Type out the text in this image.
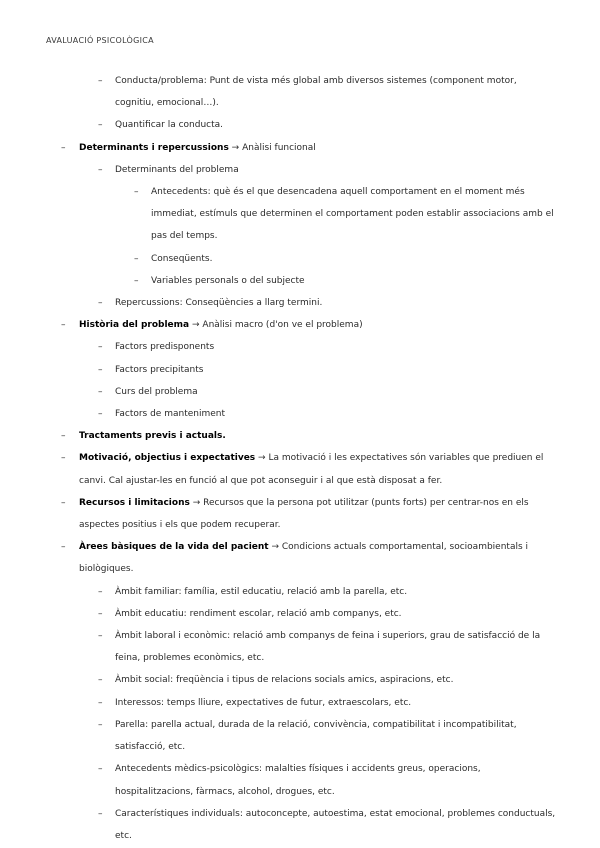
AVALUACIÓ PSICOLÒGICA
– Conducta/problema: Punt de vista més global amb diversos sistemes (component motor, cognitiu, emocional…).
– Quantificar la conducta.
– Determinants i repercussions → Anàlisi funcional
– Determinants del problema
– Antecedents: què és el que desencadena aquell comportament en el moment més immediat, estímuls que determinen el comportament poden establir associacions amb el pas del temps.
– Conseqüents.
– Variables personals o del subjecte
– Repercussions: Conseqüències a llarg termini.
– Història del problema → Anàlisi macro (d'on ve el problema)
– Factors predisponents
– Factors precipitants
– Curs del problema
– Factors de manteniment
– Tractaments previs i actuals.
– Motivació, objectius i expectatives → La motivació i les expectatives són variables que prediuen el canvi. Cal ajustar-les en funció al que pot aconseguir i al que està disposat a fer.
– Recursos i limitacions → Recursos que la persona pot utilitzar (punts forts) per centrar-nos en els aspectes positius i els que podem recuperar.
– Àrees bàsiques de la vida del pacient → Condicions actuals comportamental, socioambientals i biològiques.
– Àmbit familiar: família, estil educatiu, relació amb la parella, etc.
– Àmbit educatiu: rendiment escolar, relació amb companys, etc.
– Àmbit laboral i econòmic: relació amb companys de feina i superiors, grau de satisfacció de la feina, problemes econòmics, etc.
– Àmbit social: freqüència i tipus de relacions socials amics, aspiracions, etc.
– Interessos: temps lliure, expectatives de futur, extraescolars, etc.
– Parella: parella actual, durada de la relació, convivència, compatibilitat i incompatibilitat, satisfacció, etc.
– Antecedents mèdics-psicològics: malalties físiques i accidents greus, operacions, hospitalitzacions, fàrmacs, alcohol, drogues, etc.
– Característiques individuals: autoconcepte, autoestima, estat emocional, problemes conductuals, etc.
